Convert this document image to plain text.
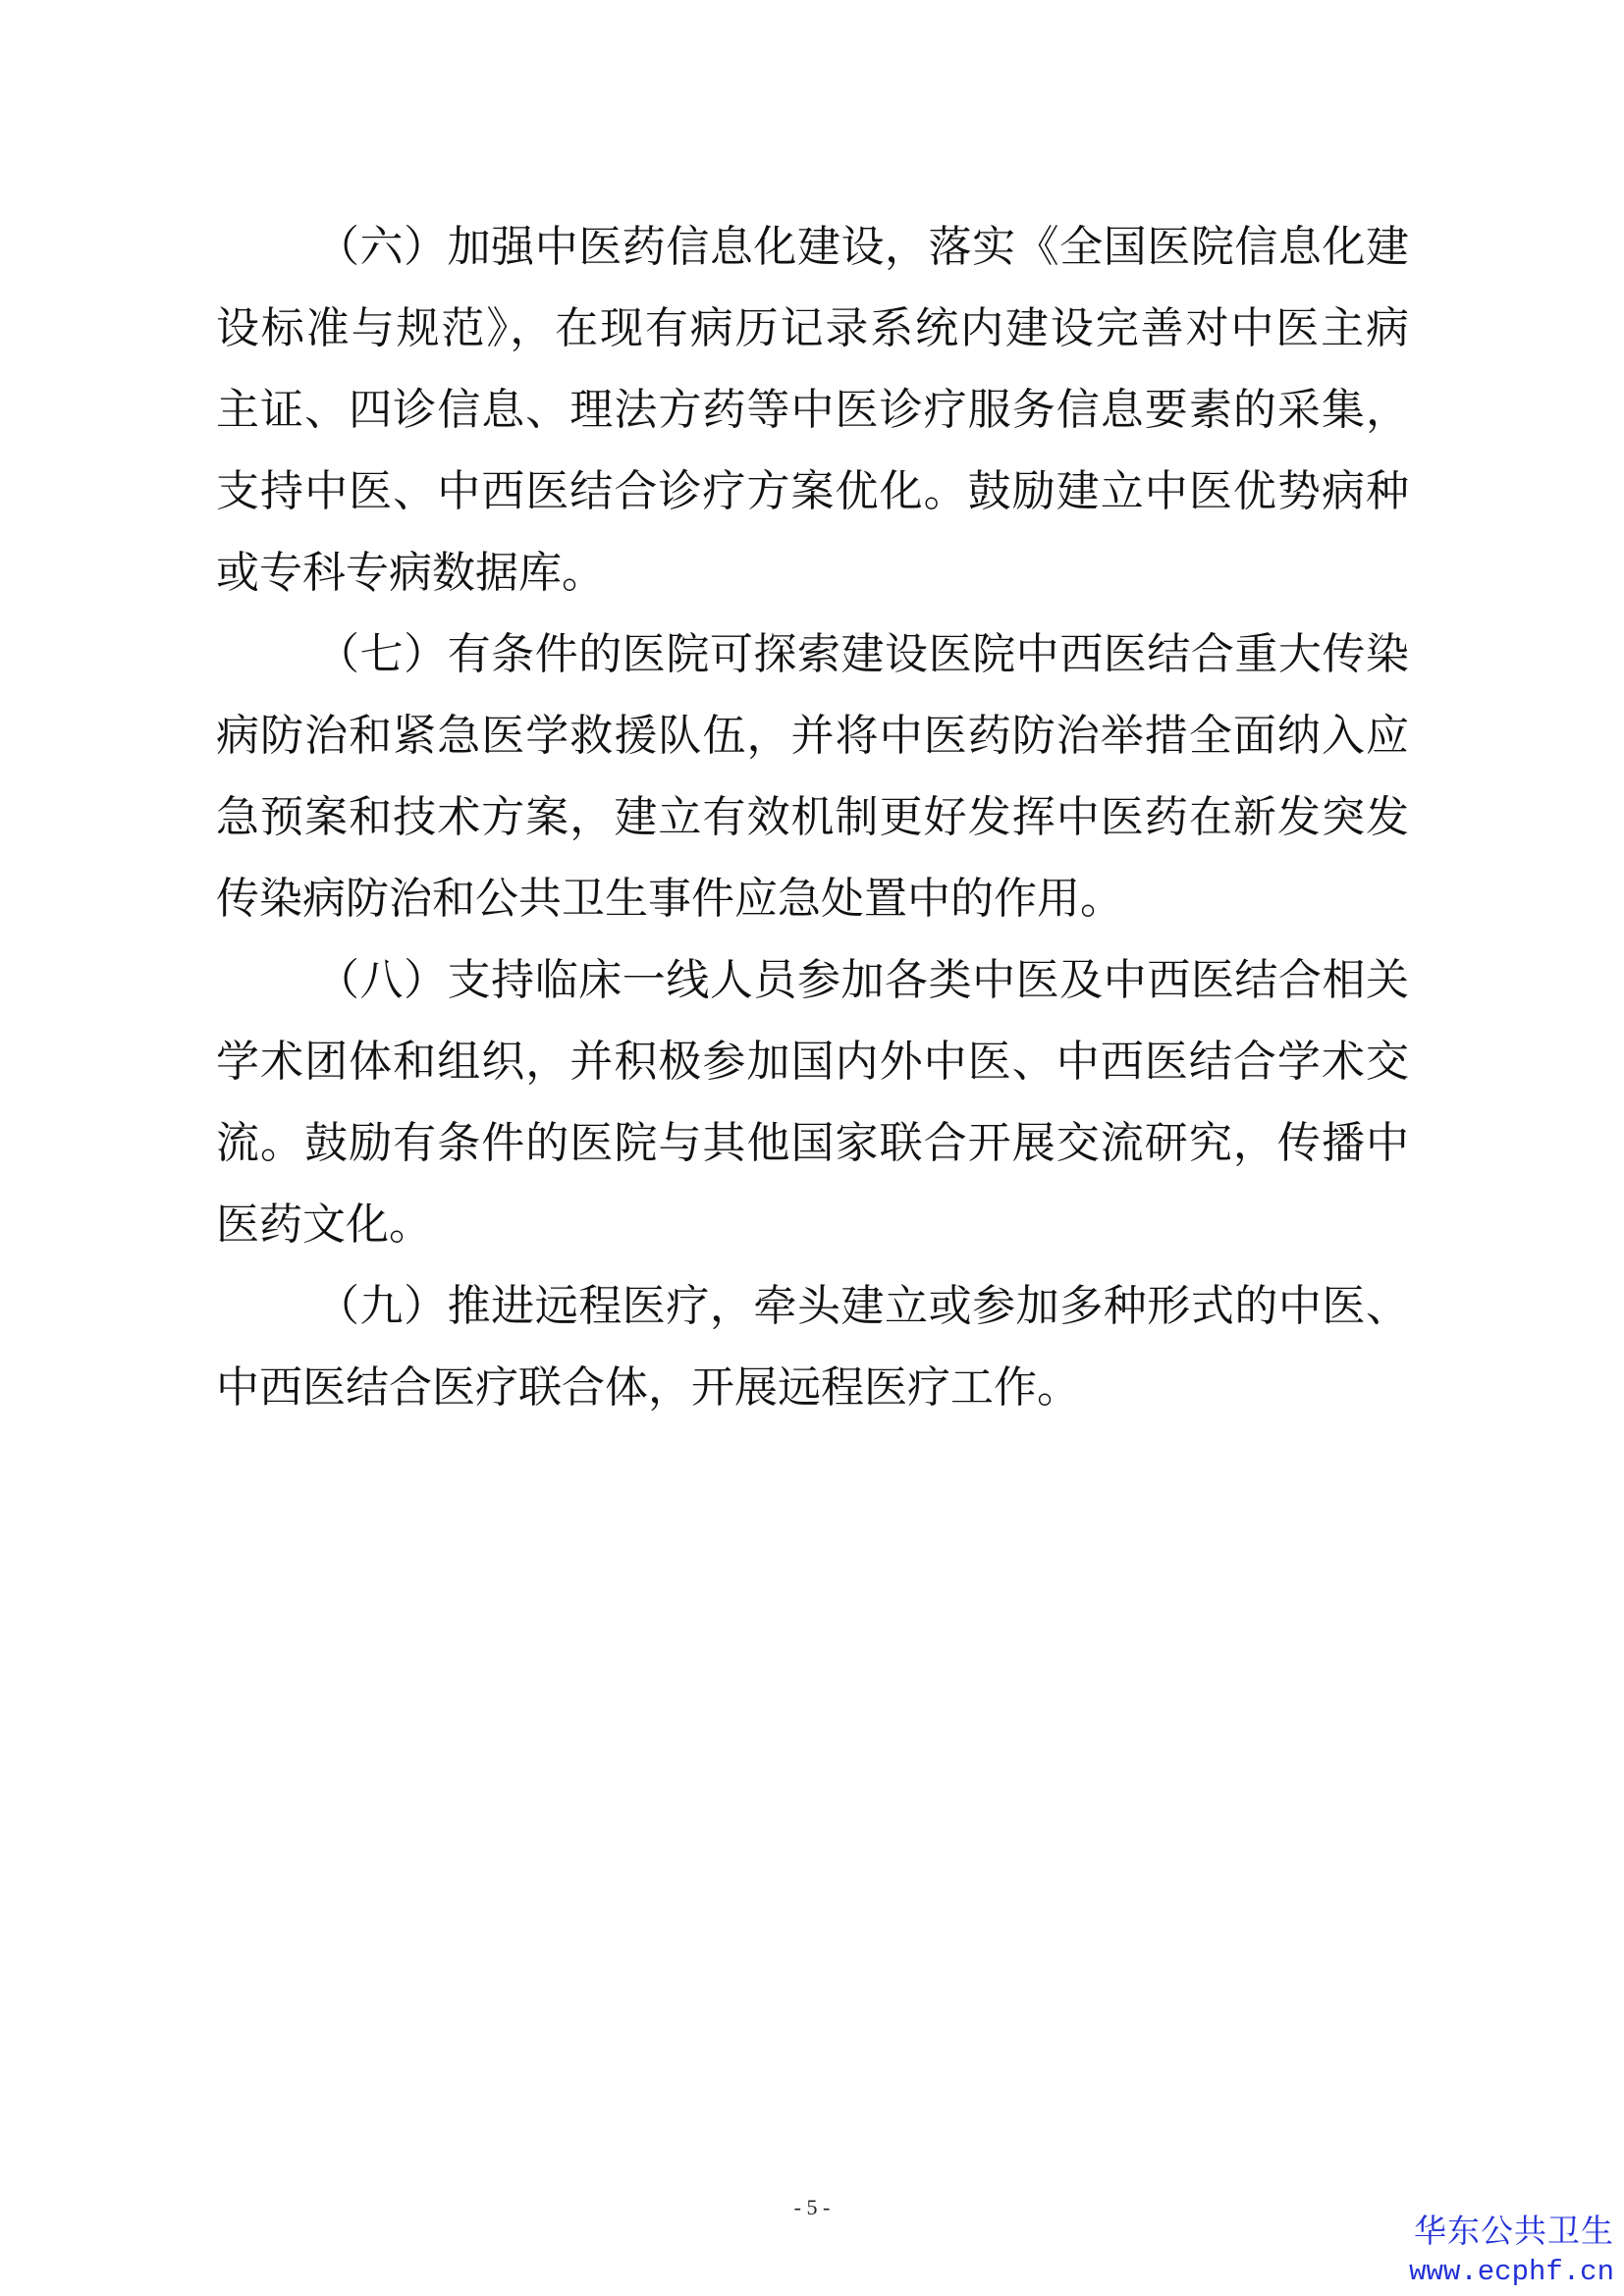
（六）加强中医药信息化建设，落实《全国医院信息化建
设标准与规范》，在现有病历记录系统内建设完善对中医主病
主证、四诊信息、理法方药等中医诊疗服务信息要素的采集，
支持中医、中西医结合诊疗方案优化。鼓励建立中医优势病种
或专科专病数据库。
（七）有条件的医院可探索建设医院中西医结合重大传染
病防治和紧急医学救援队伍，并将中医药防治举措全面纳入应
急预案和技术方案，建立有效机制更好发挥中医药在新发突发
传染病防治和公共卫生事件应急处置中的作用。
（八）支持临床一线人员参加各类中医及中西医结合相关
学术团体和组织，并积极参加国内外中医、中西医结合学术交
流。鼓励有条件的医院与其他国家联合开展交流研究，传播中
医药文化。
（九）推进远程医疗，牵头建立或参加多种形式的中医、
中西医结合医疗联合体，开展远程医疗工作。
- 5 -
华东公共卫生
www.ecphf.cn
